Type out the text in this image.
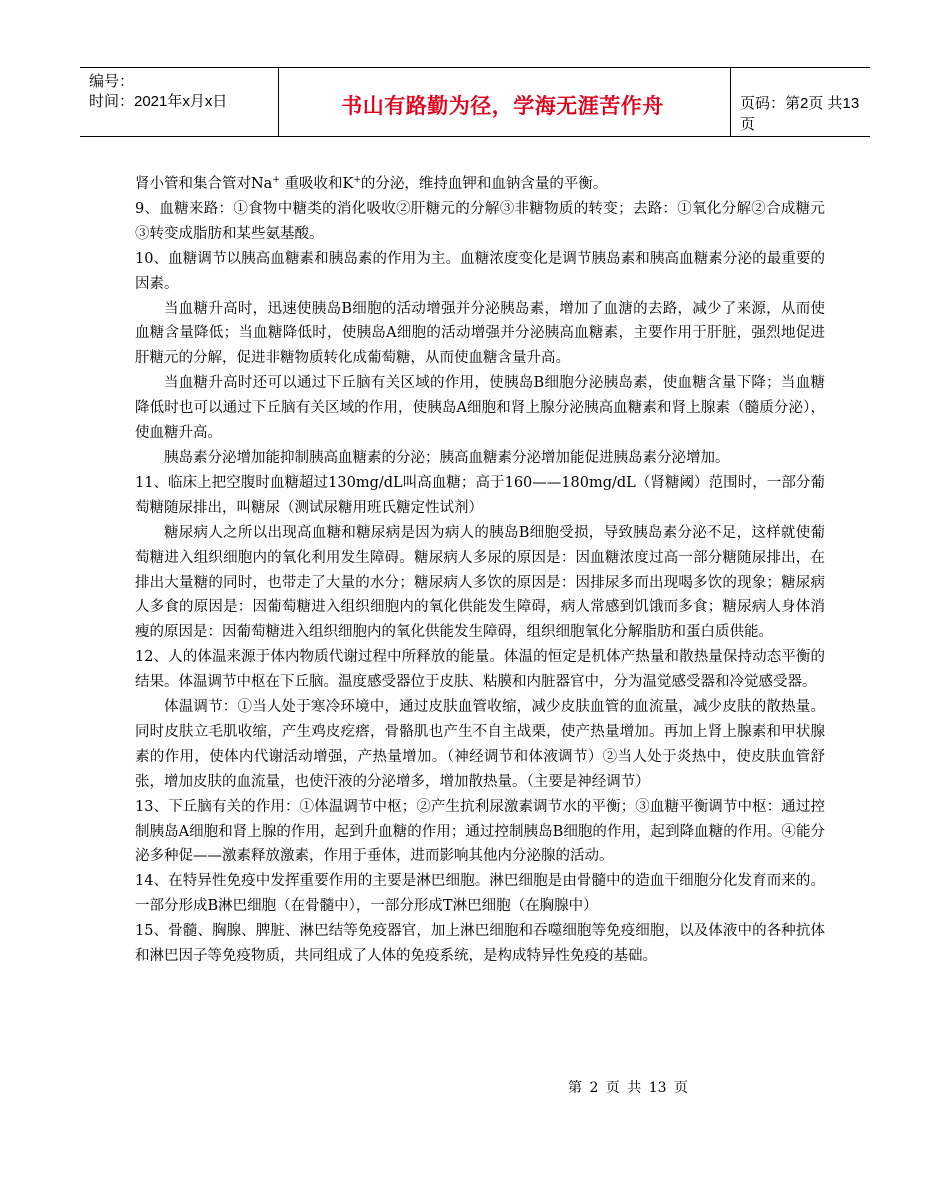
编号：
时间：2021年x月x日	书山有路勤为径，学海无涯苦作舟	页码：第2页 共13页

肾小管和集合管对Na+ 重吸收和K+的分泌，维持血钾和血钠含量的平衡。

9、血糖来路：①食物中糖类的消化吸收②肝糖元的分解③非糖物质的转变；去路：①氧化分解②合成糖元③转变成脂肪和某些氨基酸。

10、血糖调节以胰高血糖素和胰岛素的作用为主。血糖浓度变化是调节胰岛素和胰高血糖素分泌的最重要的因素。

当血糖升高时，迅速使胰岛B细胞的活动增强并分泌胰岛素，增加了血溏的去路，减少了来源，从而使血糖含量降低；当血糖降低时，使胰岛A细胞的活动增强并分泌胰高血糖素，主要作用于肝脏，强烈地促进肝糖元的分解，促进非糖物质转化成葡萄糖，从而使血糖含量升高。

当血糖升高时还可以通过下丘脑有关区域的作用，使胰岛B细胞分泌胰岛素，使血糖含量下降；当血糖降低时也可以通过下丘脑有关区域的作用，使胰岛A细胞和肾上腺分泌胰高血糖素和肾上腺素（髓质分泌），使血糖升高。

胰岛素分泌增加能抑制胰高血糖素的分泌；胰高血糖素分泌增加能促进胰岛素分泌增加。

11、临床上把空腹时血糖超过130mg/dL叫高血糖；高于160——180mg/dL（肾糖阈）范围时，一部分葡萄糖随尿排出，叫糖尿（测试尿糖用班氏糖定性试剂）

糖尿病人之所以出现高血糖和糖尿病是因为病人的胰岛B细胞受损，导致胰岛素分泌不足，这样就使葡萄糖进入组织细胞内的氧化利用发生障碍。糖尿病人多尿的原因是：因血糖浓度过高一部分糖随尿排出，在排出大量糖的同时，也带走了大量的水分；糖尿病人多饮的原因是：因排尿多而出现喝多饮的现象；糖尿病人多食的原因是：因葡萄糖进入组织细胞内的氧化供能发生障碍，病人常感到饥饿而多食；糖尿病人身体消瘦的原因是：因葡萄糖进入组织细胞内的氧化供能发生障碍，组织细胞氧化分解脂肪和蛋白质供能。

12、人的体温来源于体内物质代谢过程中所释放的能量。体温的恒定是机体产热量和散热量保持动态平衡的结果。体温调节中枢在下丘脑。温度感受器位于皮肤、粘膜和内脏器官中，分为温觉感受器和冷觉感受器。

体温调节：①当人处于寒冷环境中，通过皮肤血管收缩，减少皮肤血管的血流量，减少皮肤的散热量。同时皮肤立毛肌收缩，产生鸡皮疙瘩，骨骼肌也产生不自主战栗，使产热量增加。再加上肾上腺素和甲状腺素的作用，使体内代谢活动增强，产热量增加。（神经调节和体液调节）②当人处于炎热中，使皮肤血管舒张，增加皮肤的血流量，也使汗液的分泌增多，增加散热量。（主要是神经调节）

13、下丘脑有关的作用：①体温调节中枢；②产生抗利尿激素调节水的平衡；③血糖平衡调节中枢：通过控制胰岛A细胞和肾上腺的作用，起到升血糖的作用；通过控制胰岛B细胞的作用，起到降血糖的作用。④能分泌多种促——激素释放激素，作用于垂体，进而影响其他内分泌腺的活动。

14、在特异性免疫中发挥重要作用的主要是淋巴细胞。淋巴细胞是由骨髓中的造血干细胞分化发育而来的。一部分形成B淋巴细胞（在骨髓中），一部分形成T淋巴细胞（在胸腺中）

15、骨髓、胸腺、脾脏、淋巴结等免疫器官，加上淋巴细胞和吞噬细胞等免疫细胞，以及体液中的各种抗体和淋巴因子等免疫物质，共同组成了人体的免疫系统，是构成特异性免疫的基础。

第 2 页 共 13 页
